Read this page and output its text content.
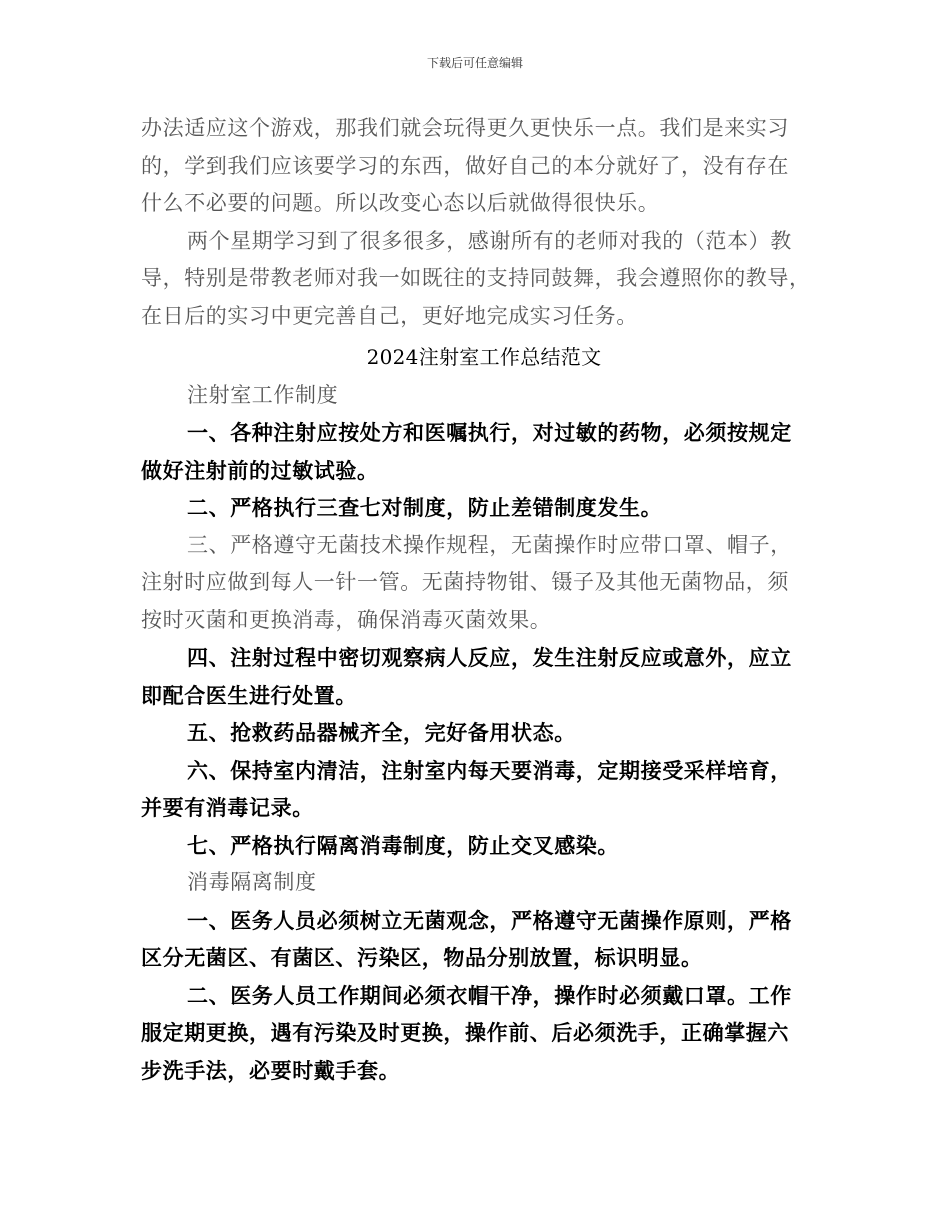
下载后可任意编辑

办法适应这个游戏，那我们就会玩得更久更快乐一点。我们是来实习

的，学到我们应该要学习的东西，做好自己的本分就好了，没有存在

什么不必要的问题。所以改变心态以后就做得很快乐。

两个星期学习到了很多很多，感谢所有的老师对我的（范本）教

导，特别是带教老师对我一如既往的支持同鼓舞，我会遵照你的教导，

在日后的实习中更完善自己，更好地完成实习任务。

2024注射室工作总结范文

注射室工作制度

一、各种注射应按处方和医嘱执行，对过敏的药物，必须按规定

做好注射前的过敏试验。

二、严格执行三查七对制度，防止差错制度发生。

三、严格遵守无菌技术操作规程，无菌操作时应带口罩、帽子，

注射时应做到每人一针一管。无菌持物钳、镊子及其他无菌物品，须

按时灭菌和更换消毒，确保消毒灭菌效果。

四、注射过程中密切观察病人反应，发生注射反应或意外，应立

即配合医生进行处置。

五、抢救药品器械齐全，完好备用状态。

六、保持室内清洁，注射室内每天要消毒，定期接受采样培育，

并要有消毒记录。

七、严格执行隔离消毒制度，防止交叉感染。

消毒隔离制度

一、医务人员必须树立无菌观念，严格遵守无菌操作原则，严格

区分无菌区、有菌区、污染区，物品分别放置，标识明显。

二、医务人员工作期间必须衣帽干净，操作时必须戴口罩。工作

服定期更换，遇有污染及时更换，操作前、后必须洗手，正确掌握六

步洗手法，必要时戴手套。
